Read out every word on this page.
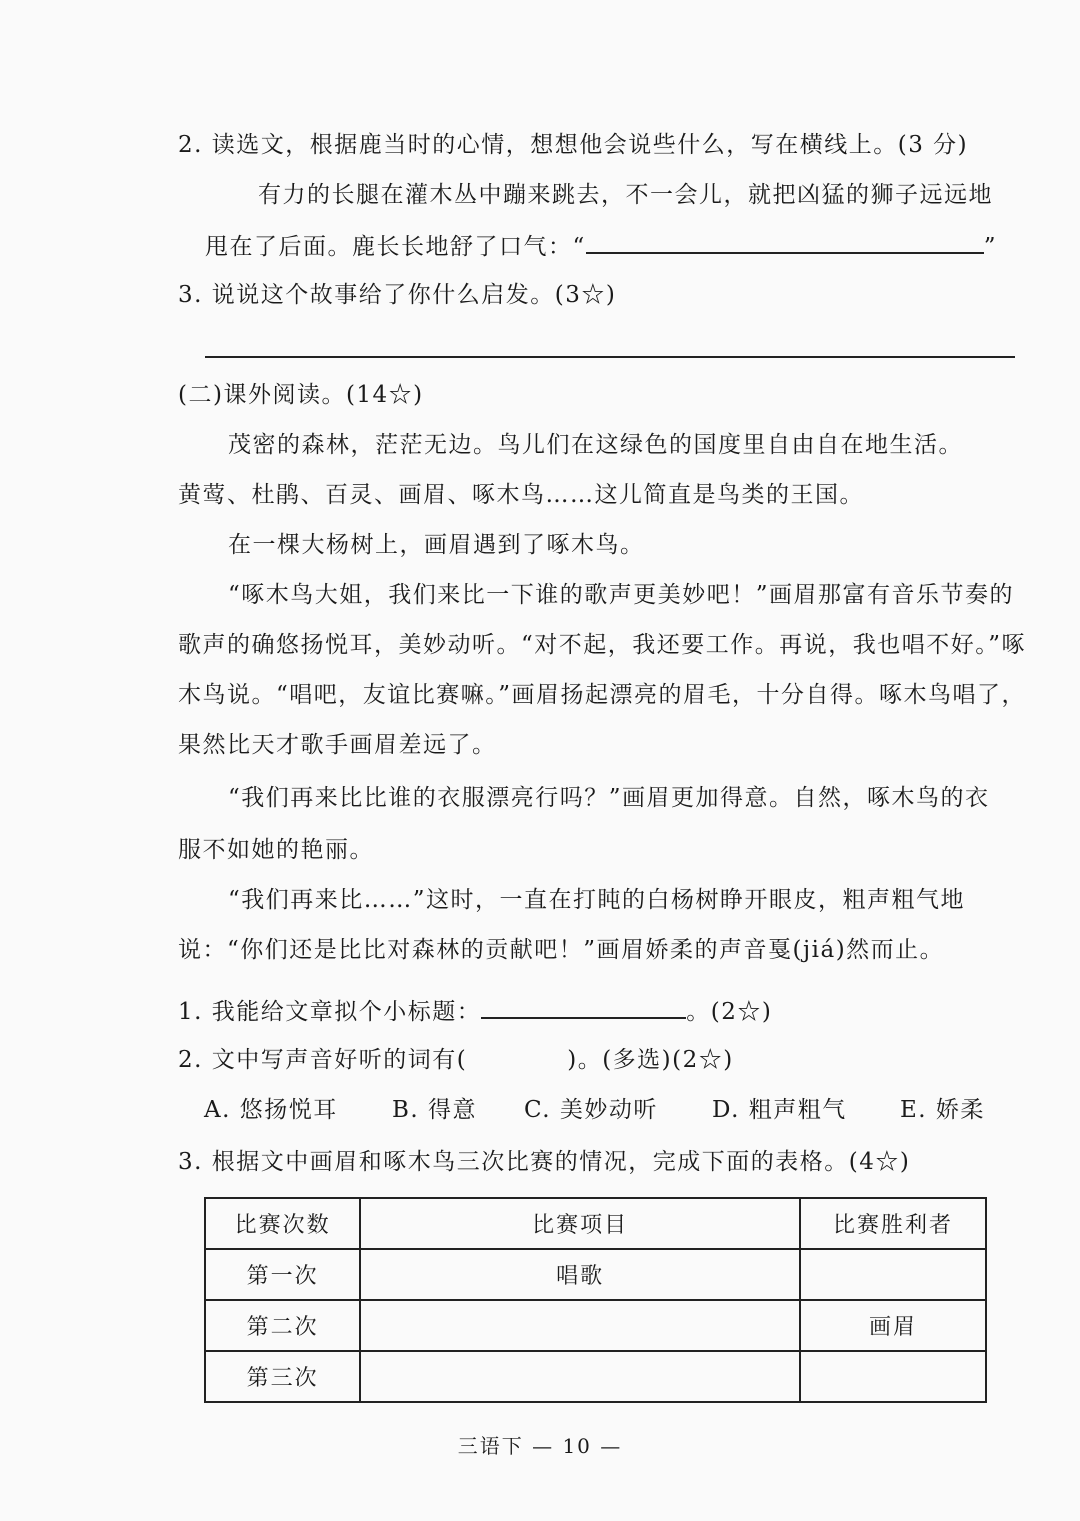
2. 读选文，根据鹿当时的心情，想想他会说些什么，写在横线上。(3 分)
有力的长腿在灌木丛中蹦来跳去，不一会儿，就把凶猛的狮子远远地
甩在了后面。鹿长长地舒了口气：“	”
3. 说说这个故事给了你什么启发。(3☆)
(二)课外阅读。(14☆)
茂密的森林，茫茫无边。鸟儿们在这绿色的国度里自由自在地生活。
黄莺、杜鹃、百灵、画眉、啄木鸟……这儿简直是鸟类的王国。
在一棵大杨树上，画眉遇到了啄木鸟。
“啄木鸟大姐，我们来比一下谁的歌声更美妙吧！”画眉那富有音乐节奏的
歌声的确悠扬悦耳，美妙动听。“对不起，我还要工作。再说，我也唱不好。”啄
木鸟说。“唱吧，友谊比赛嘛。”画眉扬起漂亮的眉毛，十分自得。啄木鸟唱了，
果然比天才歌手画眉差远了。
“我们再来比比谁的衣服漂亮行吗？”画眉更加得意。自然，啄木鸟的衣
服不如她的艳丽。
“我们再来比……”这时，一直在打盹的白杨树睁开眼皮，粗声粗气地
说：“你们还是比比对森林的贡献吧！”画眉娇柔的声音戛(jiá)然而止。
1. 我能给文章拟个小标题：	。(2☆)
2. 文中写声音好听的词有(	)。(多选)(2☆)
A. 悠扬悦耳 B. 得意 C. 美妙动听 D. 粗声粗气 E. 娇柔
3. 根据文中画眉和啄木鸟三次比赛的情况，完成下面的表格。(4☆)
比赛次数	比赛项目	比赛胜利者
第一次	唱歌	
第二次		画眉
第三次		
三语下 — 10 —
